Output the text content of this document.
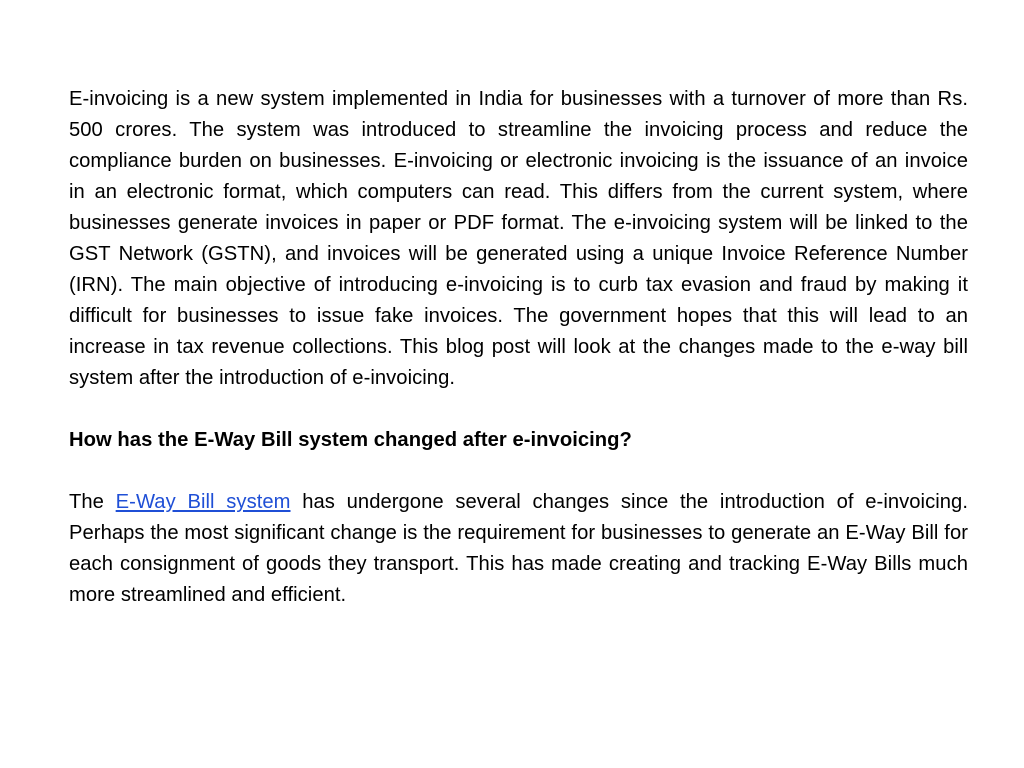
E-invoicing is a new system implemented in India for businesses with a turnover of more than Rs. 500 crores. The system was introduced to streamline the invoicing process and reduce the compliance burden on businesses. E-invoicing or electronic invoicing is the issuance of an invoice in an electronic format, which computers can read. This differs from the current system, where businesses generate invoices in paper or PDF format. The e-invoicing system will be linked to the GST Network (GSTN), and invoices will be generated using a unique Invoice Reference Number (IRN). The main objective of introducing e-invoicing is to curb tax evasion and fraud by making it difficult for businesses to issue fake invoices. The government hopes that this will lead to an increase in tax revenue collections. This blog post will look at the changes made to the e-way bill system after the introduction of e-invoicing.

How has the E-Way Bill system changed after e-invoicing?

The E-Way Bill system has undergone several changes since the introduction of e-invoicing. Perhaps the most significant change is the requirement for businesses to generate an E-Way Bill for each consignment of goods they transport. This has made creating and tracking E-Way Bills much more streamlined and efficient.
